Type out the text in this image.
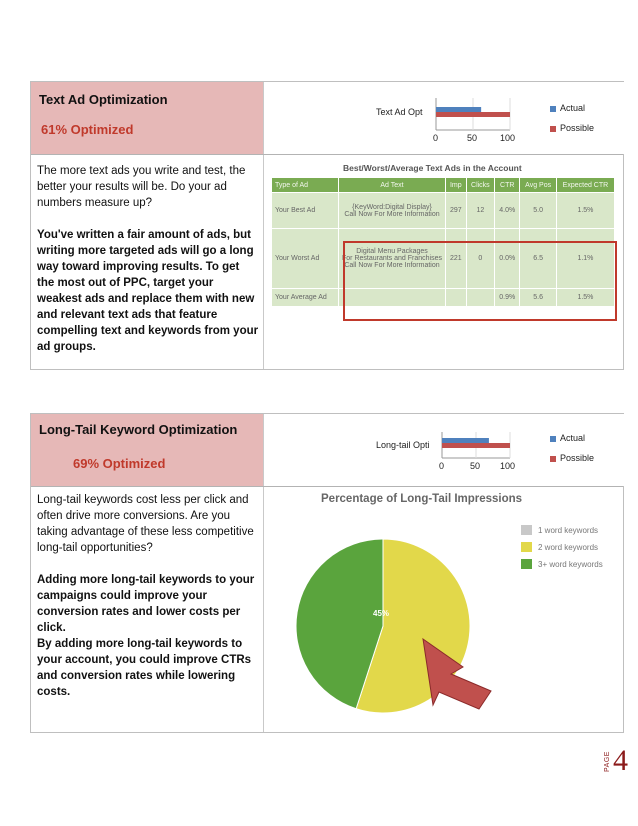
Text Ad Optimization
61% Optimized
Text Ad Opt
0	50	100
Actual
Possible

The more text ads you write and test, the better your results will be. Do your ad numbers measure up?

You've written a fair amount of ads, but writing more targeted ads will go a long way toward improving results. To get the most out of PPC, target your weakest ads and replace them with new and relevant text ads that feature compelling text and keywords from your ad groups.

Best/Worst/Average Text Ads in the Account
Type of Ad	Ad Text	Imp	Clicks	CTR	Avg Pos	Expected CTR
Your Best Ad	{KeyWord:Digital Display}
Call Now For More Information	297	12	4.0%	5.0	1.5%
Your Worst Ad	Digital Menu Packages
For Restaurants and Franchises
Call Now For More Information	221	0	0.0%	6.5	1.1%
Your Average Ad				0.9%	5.6	1.5%
Long-Tail Keyword Optimization
69% Optimized
Long-tail Opti
0	50 100
Actual
Possible

Long-tail keywords cost less per click and often drive more conversions. Are you taking advantage of these less competitive long-tail opportunities?

Adding more long-tail keywords to your campaigns could improve your conversion rates and lower costs per click.

By adding more long-tail keywords to your account, you could improve CTRs and conversion rates while lowering costs.

Percentage of Long-Tail Impressions
55%
45%
1 word keywords
2 word keywords
3+ word keywords
PAGE 4
